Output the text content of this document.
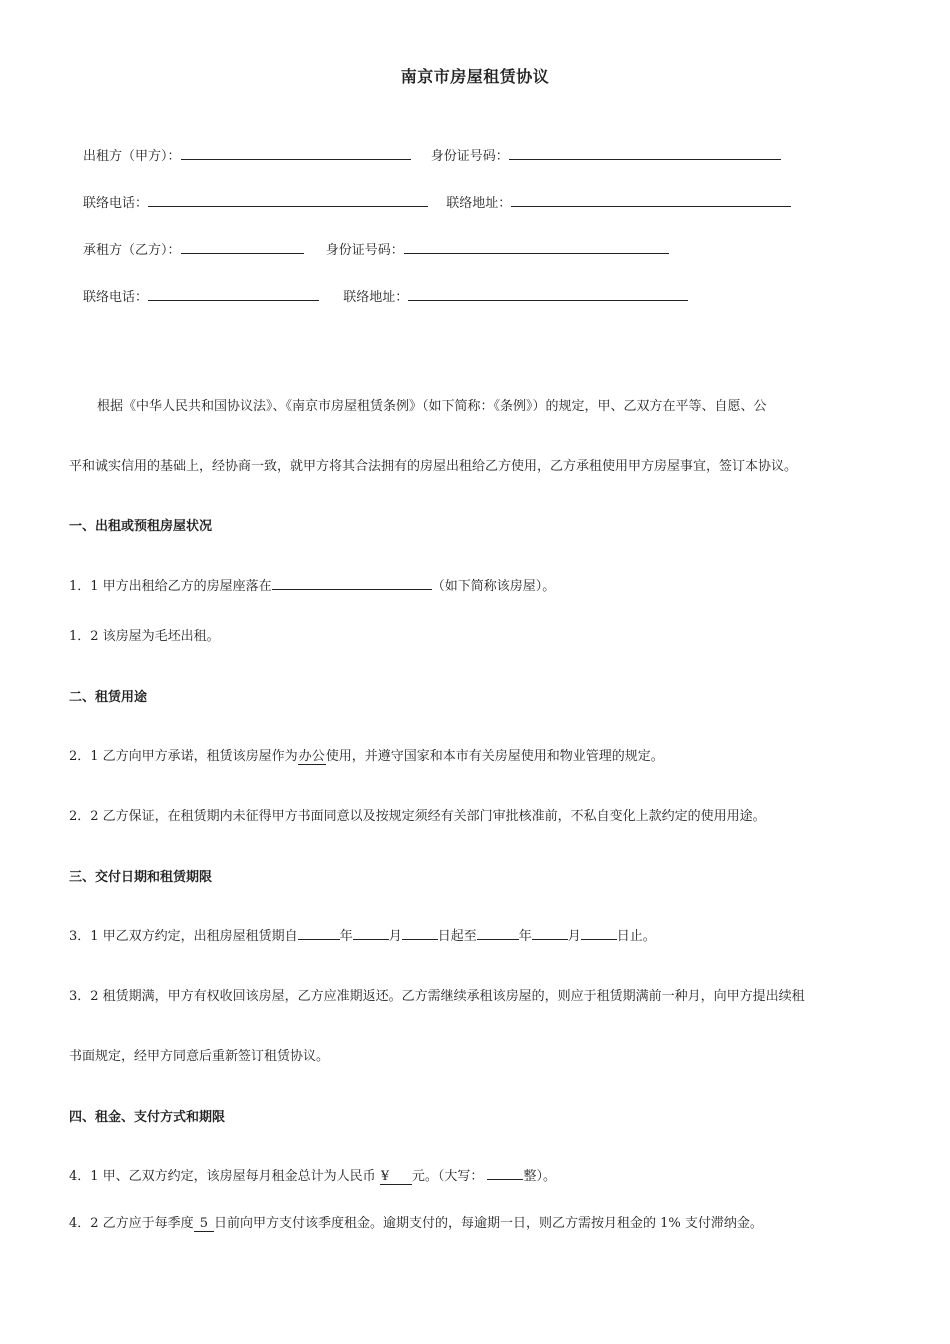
南京市房屋租赁协议
出租方（甲方）：	身份证号码：
联络电话：	联络地址：
承租方（乙方）：	身份证号码：
联络电话：	联络地址：
根据《中华人民共和国协议法》、《南京市房屋租赁条例》（如下简称：《条例》）的规定，甲、乙双方在平等、自愿、公
平和诚实信用的基础上，经协商一致，就甲方将其合法拥有的房屋出租给乙方使用，乙方承租使用甲方房屋事宜，签订本协议。
一、出租或预租房屋状况
1．1 甲方出租给乙方的房屋座落在	（如下简称该房屋）。
1．2 该房屋为毛坯出租。
二、租赁用途
2．1 乙方向甲方承诺，租赁该房屋作为办公使用，并遵守国家和本市有关房屋使用和物业管理的规定。
2．2 乙方保证，在租赁期内未征得甲方书面同意以及按规定须经有关部门审批核准前，不私自变化上款约定的使用用途。
三、交付日期和租赁期限
3．1 甲乙双方约定，出租房屋租赁期自	年	月	日起至	年	月	日止。
3．2 租赁期满，甲方有权收回该房屋，乙方应准期返还。乙方需继续承租该房屋的，则应于租赁期满前一种月，向甲方提出续租
书面规定，经甲方同意后重新签订租赁协议。
四、租金、支付方式和期限
4．1 甲、乙双方约定，该房屋每月租金总计为人民币 ¥ 元。（大写：	整）。
4．2 乙方应于每季度 5 日前向甲方支付该季度租金。逾期支付的，每逾期一日，则乙方需按月租金的 1% 支付滞纳金。
